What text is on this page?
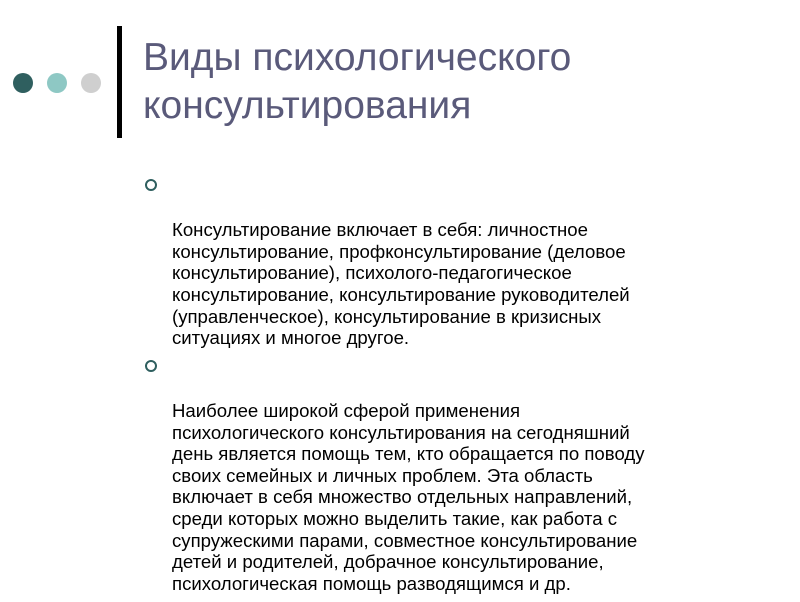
Виды психологического
консультирования

Консультирование включает в себя: личностное
консультирование, профконсультирование (деловое
консультирование), психолого-педагогическое
консультирование, консультирование руководителей
(управленческое), консультирование в кризисных
ситуациях и многое другое.

Наиболее широкой сферой применения
психологического консультирования на сегодняшний
день является помощь тем, кто обращается по поводу
своих семейных и личных проблем. Эта область
включает в себя множество отдельных направлений,
среди которых можно выделить такие, как работа с
супружескими парами, совместное консультирование
детей и родителей, добрачное консультирование,
психологическая помощь разводящимся и др.
